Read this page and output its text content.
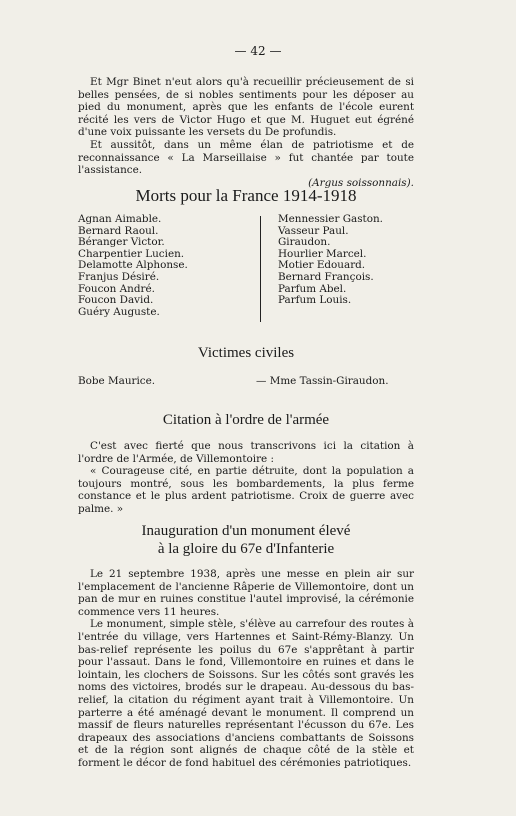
— 42 —

Et Mgr Binet n'eut alors qu'à recueillir précieusement de si belles pensées, de si nobles sentiments pour les déposer au pied du monument, après que les enfants de l'école eurent récité les vers de Victor Hugo et que M. Huguet eut égréné d'une voix puissante les versets du De profundis.

Et aussitôt, dans un même élan de patriotisme et de reconnaissance « La Marseillaise » fut chantée par toute l'assistance.

(Argus soissonnais).
Morts pour la France 1914-1918
Agnan Aimable.
Bernard Raoul.
Béranger Victor.
Charpentier Lucien.
Delamotte Alphonse.
Franjus Désiré.
Foucon André.
Foucon David.
Guéry Auguste.
Mennessier Gaston.
Vasseur Paul.
Giraudon.
Hourlier Marcel.
Motier Edouard.
Bernard François.
Parfum Abel.
Parfum Louis.
Victimes civiles
Bobe Maurice.	— Mme Tassin-Giraudon.
Citation à l'ordre de l'armée

C'est avec fierté que nous transcrivons ici la citation à l'ordre de l'Armée, de Villemontoire :

« Courageuse cité, en partie détruite, dont la population a toujours montré, sous les bombardements, la plus ferme constance et le plus ardent patriotisme. Croix de guerre avec palme. »

Inauguration d'un monument élevé
à la gloire du 67e d'Infanterie

Le 21 septembre 1938, après une messe en plein air sur l'emplacement de l'ancienne Râperie de Villemontoire, dont un pan de mur en ruines constitue l'autel improvisé, la cérémonie commence vers 11 heures.

Le monument, simple stèle, s'élève au carrefour des routes à l'entrée du village, vers Hartennes et Saint-Rémy-Blanzy. Un bas-relief représente les poilus du 67e s'apprêtant à partir pour l'assaut. Dans le fond, Villemontoire en ruines et dans le lointain, les clochers de Soissons. Sur les côtés sont gravés les noms des victoires, brodés sur le drapeau. Au-dessous du bas-relief, la citation du régiment ayant trait à Villemontoire. Un parterre a été aménagé devant le monument. Il comprend un massif de fleurs naturelles représentant l'écusson du 67e. Les drapeaux des associations d'anciens combattants de Soissons et de la région sont alignés de chaque côté de la stèle et forment le décor de fond habituel des cérémonies patriotiques.
